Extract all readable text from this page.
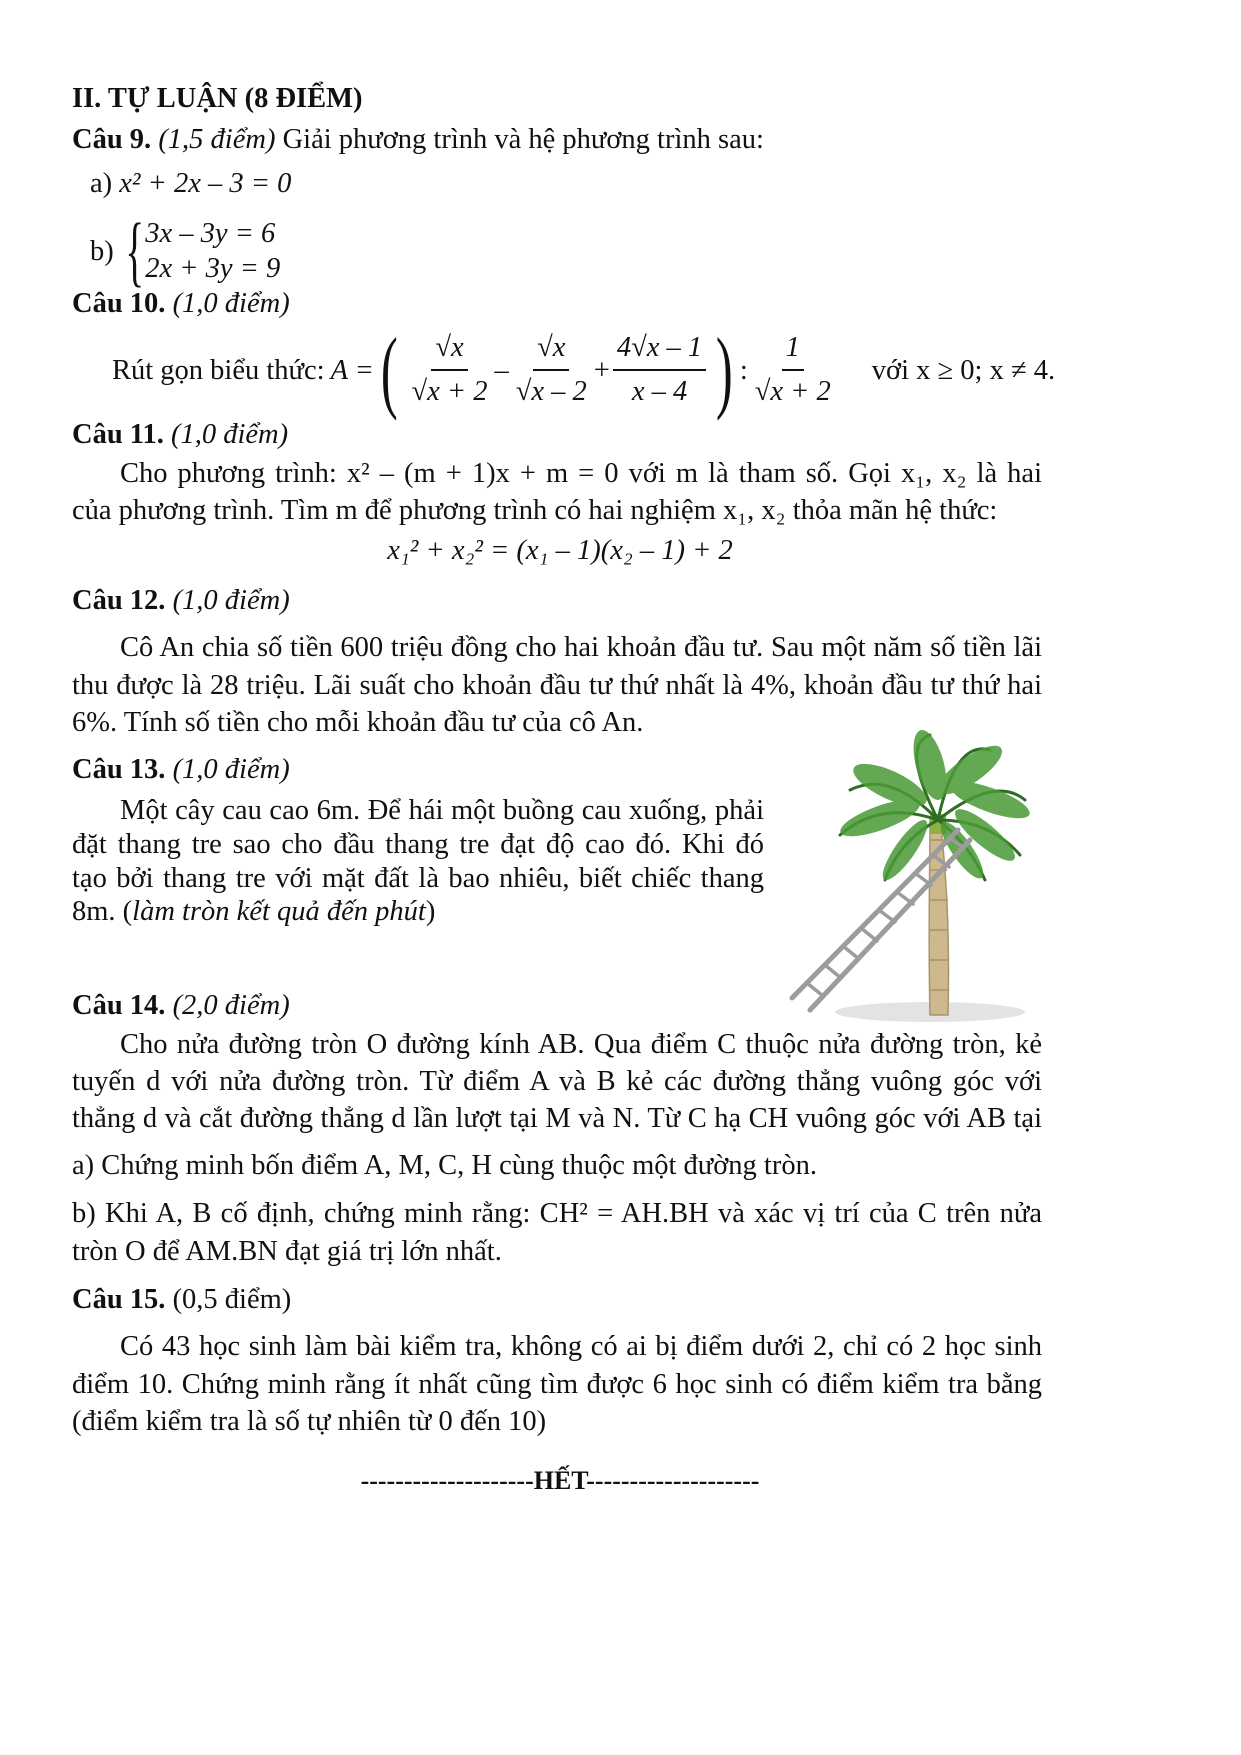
II. TỰ LUẬN (8 ĐIỂM)
Câu 9. (1,5 điểm) Giải phương trình và hệ phương trình sau:
a) x² + 2x – 3 = 0
b) { 3x – 3y = 6
2x + 3y = 9
Câu 10. (1,0 điểm)
Rút gọn biểu thức: A = ( $\frac{√x}{√x + 2} - \frac{√x}{√x - 2} + \frac{4√x - 1}{x - 4}$ ) : $\frac{1}{√x + 2}$ với x ≥ 0; x ≠ 4.
Câu 11. (1,0 điểm)
Cho phương trình: x² – (m + 1)x + m = 0 với m là tham số. Gọi x₁, x₂ là hai
của phương trình. Tìm m để phương trình có hai nghiệm x₁, x₂ thỏa mãn hệ thức:
x₁² + x₂² = (x₁ – 1)(x₂ – 1) + 2
Câu 12. (1,0 điểm)
Cô An chia số tiền 600 triệu đồng cho hai khoản đầu tư. Sau một năm số tiền lãi
thu được là 28 triệu. Lãi suất cho khoản đầu tư thứ nhất là 4%, khoản đầu tư thứ hai
6%. Tính số tiền cho mỗi khoản đầu tư của cô An.
Câu 13. (1,0 điểm)
Một cây cau cao 6m. Để hái một buồng cau xuống, phải
đặt thang tre sao cho đầu thang tre đạt độ cao đó. Khi đó
tạo bởi thang tre với mặt đất là bao nhiêu, biết chiếc thang
8m. (làm tròn kết quả đến phút)
Câu 14. (2,0 điểm)
Cho nửa đường tròn O đường kính AB. Qua điểm C thuộc nửa đường tròn, kẻ
tuyến d với nửa đường tròn. Từ điểm A và B kẻ các đường thẳng vuông góc với
thẳng d và cắt đường thẳng d lần lượt tại M và N. Từ C hạ CH vuông góc với AB tại
a) Chứng minh bốn điểm A, M, C, H cùng thuộc một đường tròn.
b) Khi A, B cố định, chứng minh rằng: CH² = AH.BH và xác vị trí của C trên nửa
tròn O để AM.BN đạt giá trị lớn nhất.
Câu 15. (0,5 điểm)
Có 43 học sinh làm bài kiểm tra, không có ai bị điểm dưới 2, chỉ có 2 học sinh
điểm 10. Chứng minh rằng ít nhất cũng tìm được 6 học sinh có điểm kiểm tra bằng
(điểm kiểm tra là số tự nhiên từ 0 đến 10)
--------------------HẾT--------------------
